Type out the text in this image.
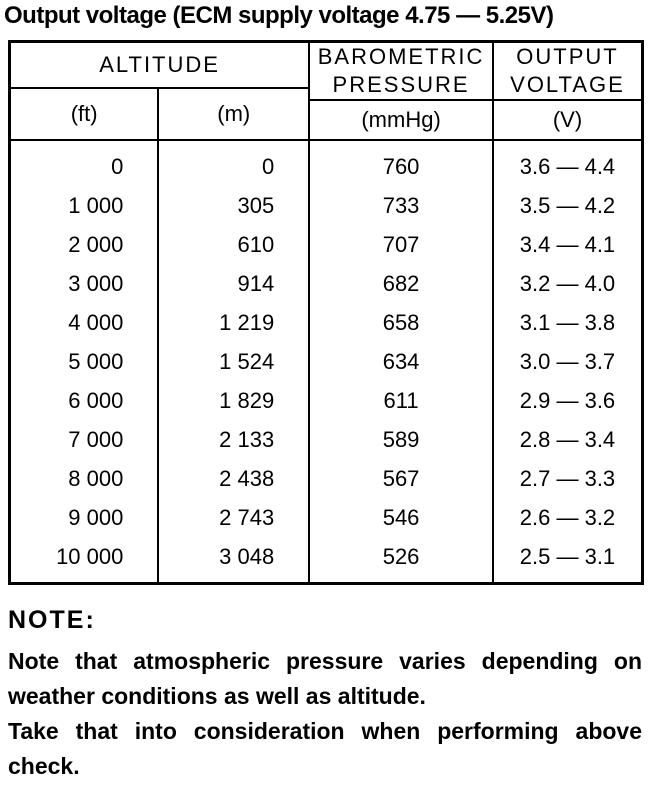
Output voltage (ECM supply voltage 4.75 — 5.25V)
ALTITUDE		BAROMETRIC PRESSURE	OUTPUT VOLTAGE
(ft)	(m)		
		(mmHg)	(V)
0	0	760	3.6 — 4.4
1 000	305	733	3.5 — 4.2
2 000	610	707	3.4 — 4.1
3 000	914	682	3.2 — 4.0
4 000	1 219	658	3.1 — 3.8
5 000	1 524	634	3.0 — 3.7
6 000	1 829	611	2.9 — 3.6
7 000	2 133	589	2.8 — 3.4
8 000	2 438	567	2.7 — 3.3
9 000	2 743	546	2.6 — 3.2
10 000	3 048	526	2.5 — 3.1
NOTE:

Note that atmospheric pressure varies depending on weather conditions as well as altitude.

Take that into consideration when performing above check.
